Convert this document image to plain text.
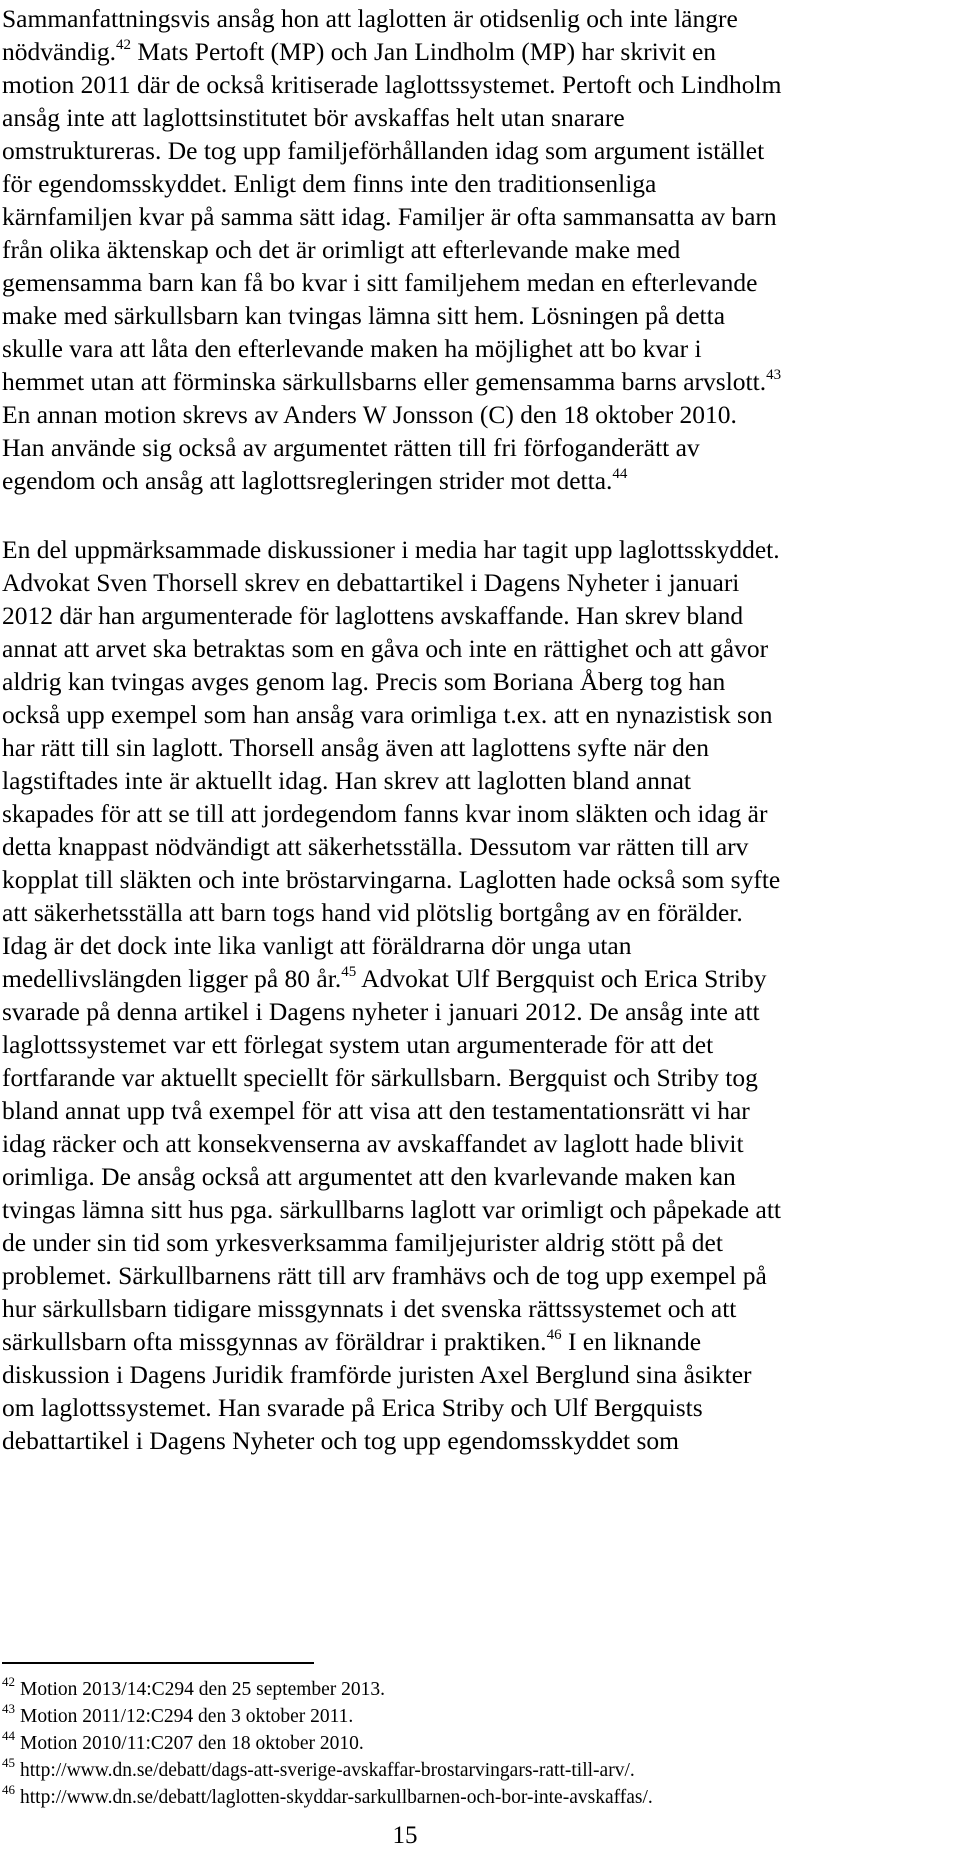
Sammanfattningsvis ansåg hon att laglotten är otidsenlig och inte längre
nödvändig.$^{42}$ Mats Pertoft (MP) och Jan Lindholm (MP) har skrivit en
motion 2011 där de också kritiserade laglottssystemet. Pertoft och Lindholm
ansåg inte att laglottsinstitutet bör avskaffas helt utan snarare
omstruktureras. De tog upp familjeförhållanden idag som argument istället
för egendomsskyddet. Enligt dem finns inte den traditionsenliga
kärnfamiljen kvar på samma sätt idag. Familjer är ofta sammansatta av barn
från olika äktenskap och det är orimligt att efterlevande make med
gemensamma barn kan få bo kvar i sitt familjehem medan en efterlevande
make med särkullsbarn kan tvingas lämna sitt hem. Lösningen på detta
skulle vara att låta den efterlevande maken ha möjlighet att bo kvar i
hemmet utan att förminska särkullsbarns eller gemensamma barns arvslott.$^{43}$
En annan motion skrevs av Anders W Jonsson (C) den 18 oktober 2010.
Han använde sig också av argumentet rätten till fri förfoganderätt av
egendom och ansåg att laglottsregleringen strider mot detta.$^{44}$
En del uppmärksammade diskussioner i media har tagit upp laglottsskyddet.
Advokat Sven Thorsell skrev en debattartikel i Dagens Nyheter i januari
2012 där han argumenterade för laglottens avskaffande. Han skrev bland
annat att arvet ska betraktas som en gåva och inte en rättighet och att gåvor
aldrig kan tvingas avges genom lag. Precis som Boriana Åberg tog han
också upp exempel som han ansåg vara orimliga t.ex. att en nynazistisk son
har rätt till sin laglott. Thorsell ansåg även att laglottens syfte när den
lagstiftades inte är aktuellt idag. Han skrev att laglotten bland annat
skapades för att se till att jordegendom fanns kvar inom släkten och idag är
detta knappast nödvändigt att säkerhetsställa. Dessutom var rätten till arv
kopplat till släkten och inte bröstarvingarna. Laglotten hade också som syfte
att säkerhetsställa att barn togs hand vid plötslig bortgång av en förälder.
Idag är det dock inte lika vanligt att föräldrarna dör unga utan
medellivslängden ligger på 80 år.$^{45}$ Advokat Ulf Bergquist och Erica Striby
svarade på denna artikel i Dagens nyheter i januari 2012. De ansåg inte att
laglottssystemet var ett förlegat system utan argumenterade för att det
fortfarande var aktuellt speciellt för särkullsbarn. Bergquist och Striby tog
bland annat upp två exempel för att visa att den testamentationsrätt vi har
idag räcker och att konsekvenserna av avskaffandet av laglott hade blivit
orimliga. De ansåg också att argumentet att den kvarlevande maken kan
tvingas lämna sitt hus pga. särkullbarns laglott var orimligt och påpekade att
de under sin tid som yrkesverksamma familjejurister aldrig stött på det
problemet. Särkullbarnens rätt till arv framhävs och de tog upp exempel på
hur särkullsbarn tidigare missgynnats i det svenska rättssystemet och att
särkullsbarn ofta missgynnas av föräldrar i praktiken.$^{46}$ I en liknande
diskussion i Dagens Juridik framförde juristen Axel Berglund sina åsikter
om laglottssystemet. Han svarade på Erica Striby och Ulf Bergquists
debattartikel i Dagens Nyheter och tog upp egendomsskyddet som
$^{42}$ Motion 2013/14:C294 den 25 september 2013.
$^{43}$ Motion 2011/12:C294 den 3 oktober 2011.
$^{44}$ Motion 2010/11:C207 den 18 oktober 2010.
$^{45}$ http://www.dn.se/debatt/dags-att-sverige-avskaffar-brostarvingars-ratt-till-arv/.
$^{46}$ http://www.dn.se/debatt/laglotten-skyddar-sarkullbarnen-och-bor-inte-avskaffas/.
15
